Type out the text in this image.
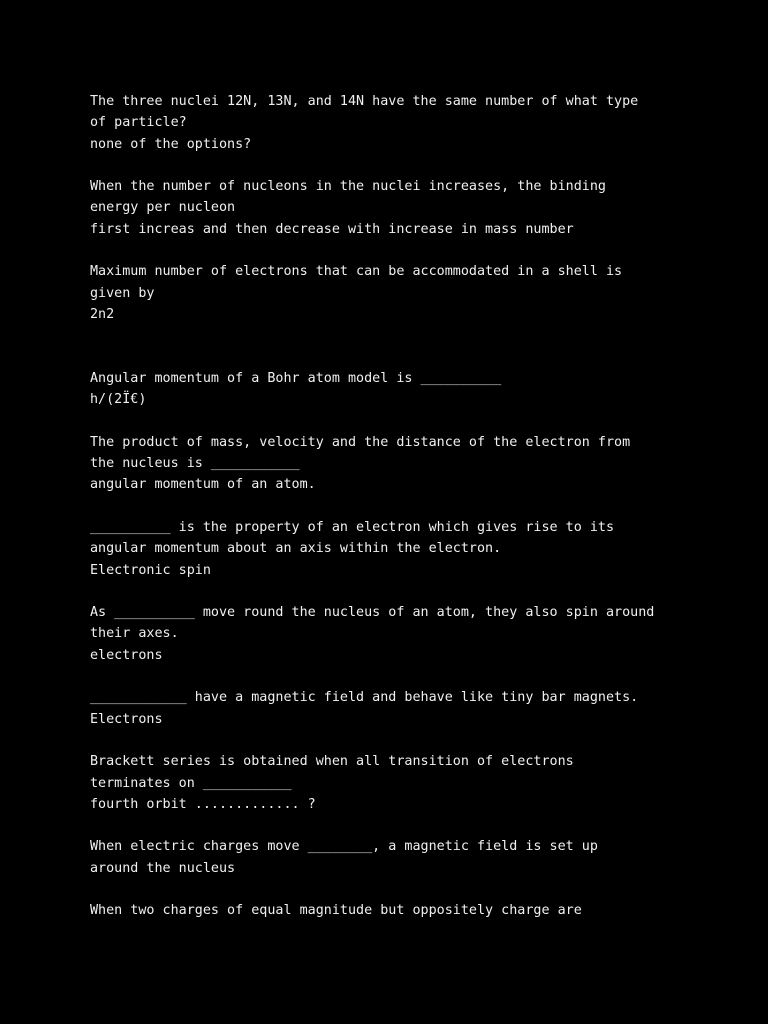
The three nuclei 12N, 13N, and 14N have the same number of what type
of particle?
none of the options?
When the number of nucleons in the nuclei increases, the binding
energy per nucleon
first increas and then decrease with increase in mass number
Maximum number of electrons that can be accommodated in a shell is
given by
2n2
Angular momentum of a Bohr atom model is __________
h/(2Ï€)
The product of mass, velocity and the distance of the electron from
the nucleus is ___________
angular momentum of an atom.
__________ is the property of an electron which gives rise to its
angular momentum about an axis within the electron.
Electronic spin
As __________ move round the nucleus of an atom, they also spin around
their axes.
electrons
____________ have a magnetic field and behave like tiny bar magnets.
Electrons
Brackett series is obtained when all transition of electrons
terminates on ___________
fourth orbit ............. ?
When electric charges move ________, a magnetic field is set up
around the nucleus
When two charges of equal magnitude but oppositely charge are
